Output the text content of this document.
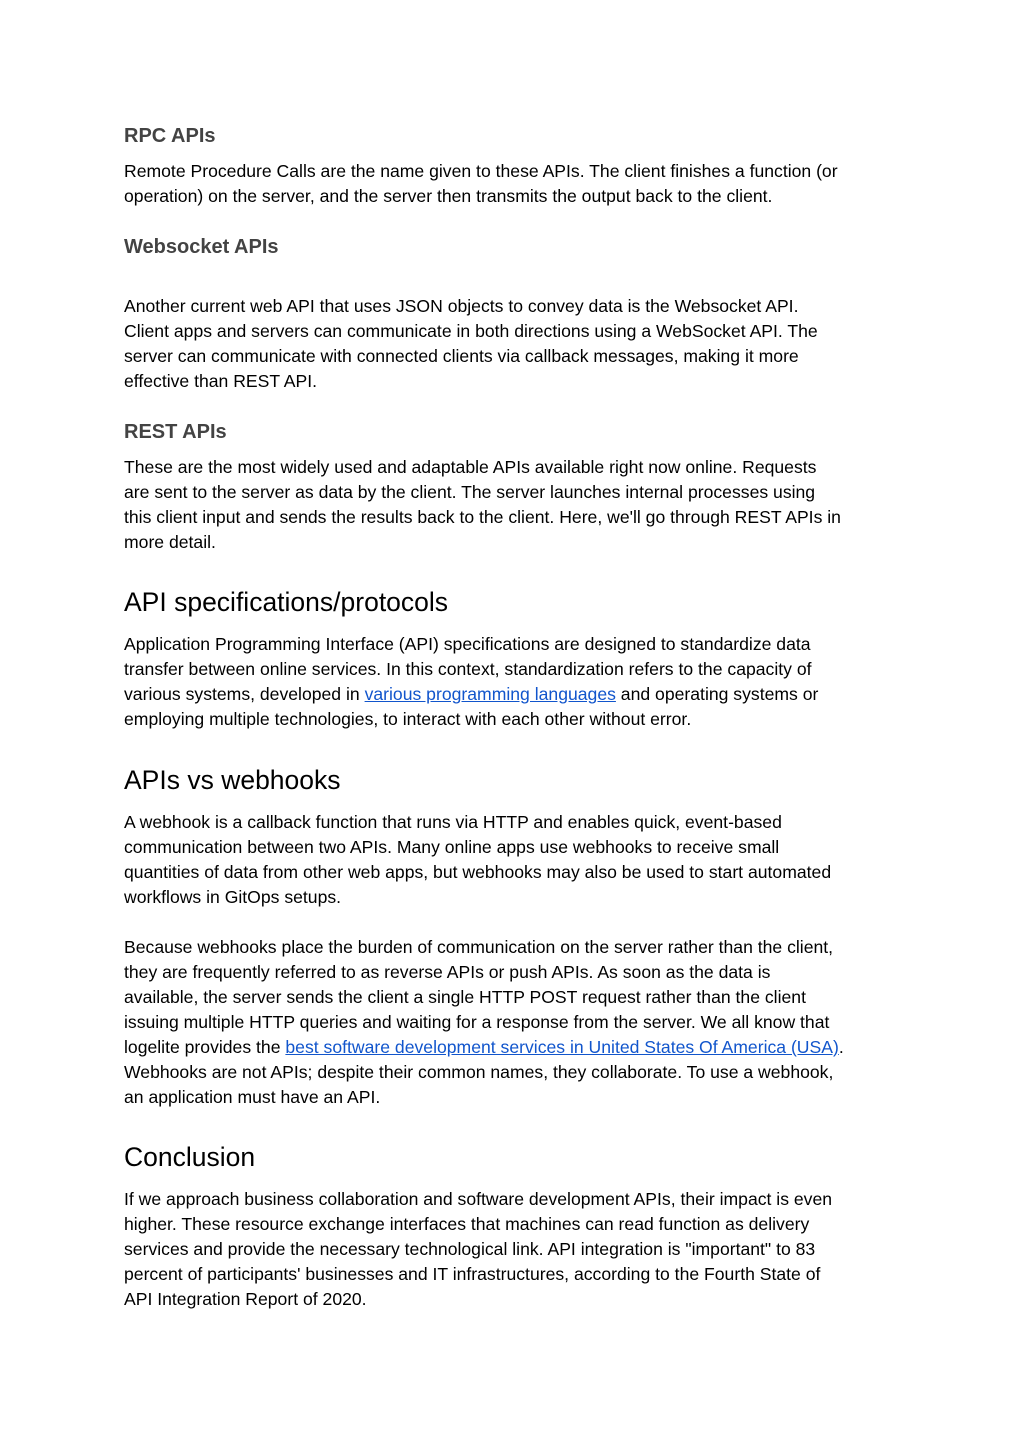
RPC APIs

Remote Procedure Calls are the name given to these APIs. The client finishes a function (or
operation) on the server, and the server then transmits the output back to the client.

Websocket APIs

Another current web API that uses JSON objects to convey data is the Websocket API.
Client apps and servers can communicate in both directions using a WebSocket API. The
server can communicate with connected clients via callback messages, making it more
effective than REST API.

REST APIs

These are the most widely used and adaptable APIs available right now online. Requests
are sent to the server as data by the client. The server launches internal processes using
this client input and sends the results back to the client. Here, we'll go through REST APIs in
more detail.

API specifications/protocols

Application Programming Interface (API) specifications are designed to standardize data
transfer between online services. In this context, standardization refers to the capacity of
various systems, developed in various programming languages and operating systems or
employing multiple technologies, to interact with each other without error.

APIs vs webhooks

A webhook is a callback function that runs via HTTP and enables quick, event-based
communication between two APIs. Many online apps use webhooks to receive small
quantities of data from other web apps, but webhooks may also be used to start automated
workflows in GitOps setups.

Because webhooks place the burden of communication on the server rather than the client,
they are frequently referred to as reverse APIs or push APIs. As soon as the data is
available, the server sends the client a single HTTP POST request rather than the client
issuing multiple HTTP queries and waiting for a response from the server. We all know that
logelite provides the best software development services in United States Of America (USA).
Webhooks are not APIs; despite their common names, they collaborate. To use a webhook,
an application must have an API.

Conclusion

If we approach business collaboration and software development APIs, their impact is even
higher. These resource exchange interfaces that machines can read function as delivery
services and provide the necessary technological link. API integration is "important" to 83
percent of participants' businesses and IT infrastructures, according to the Fourth State of
API Integration Report of 2020.
